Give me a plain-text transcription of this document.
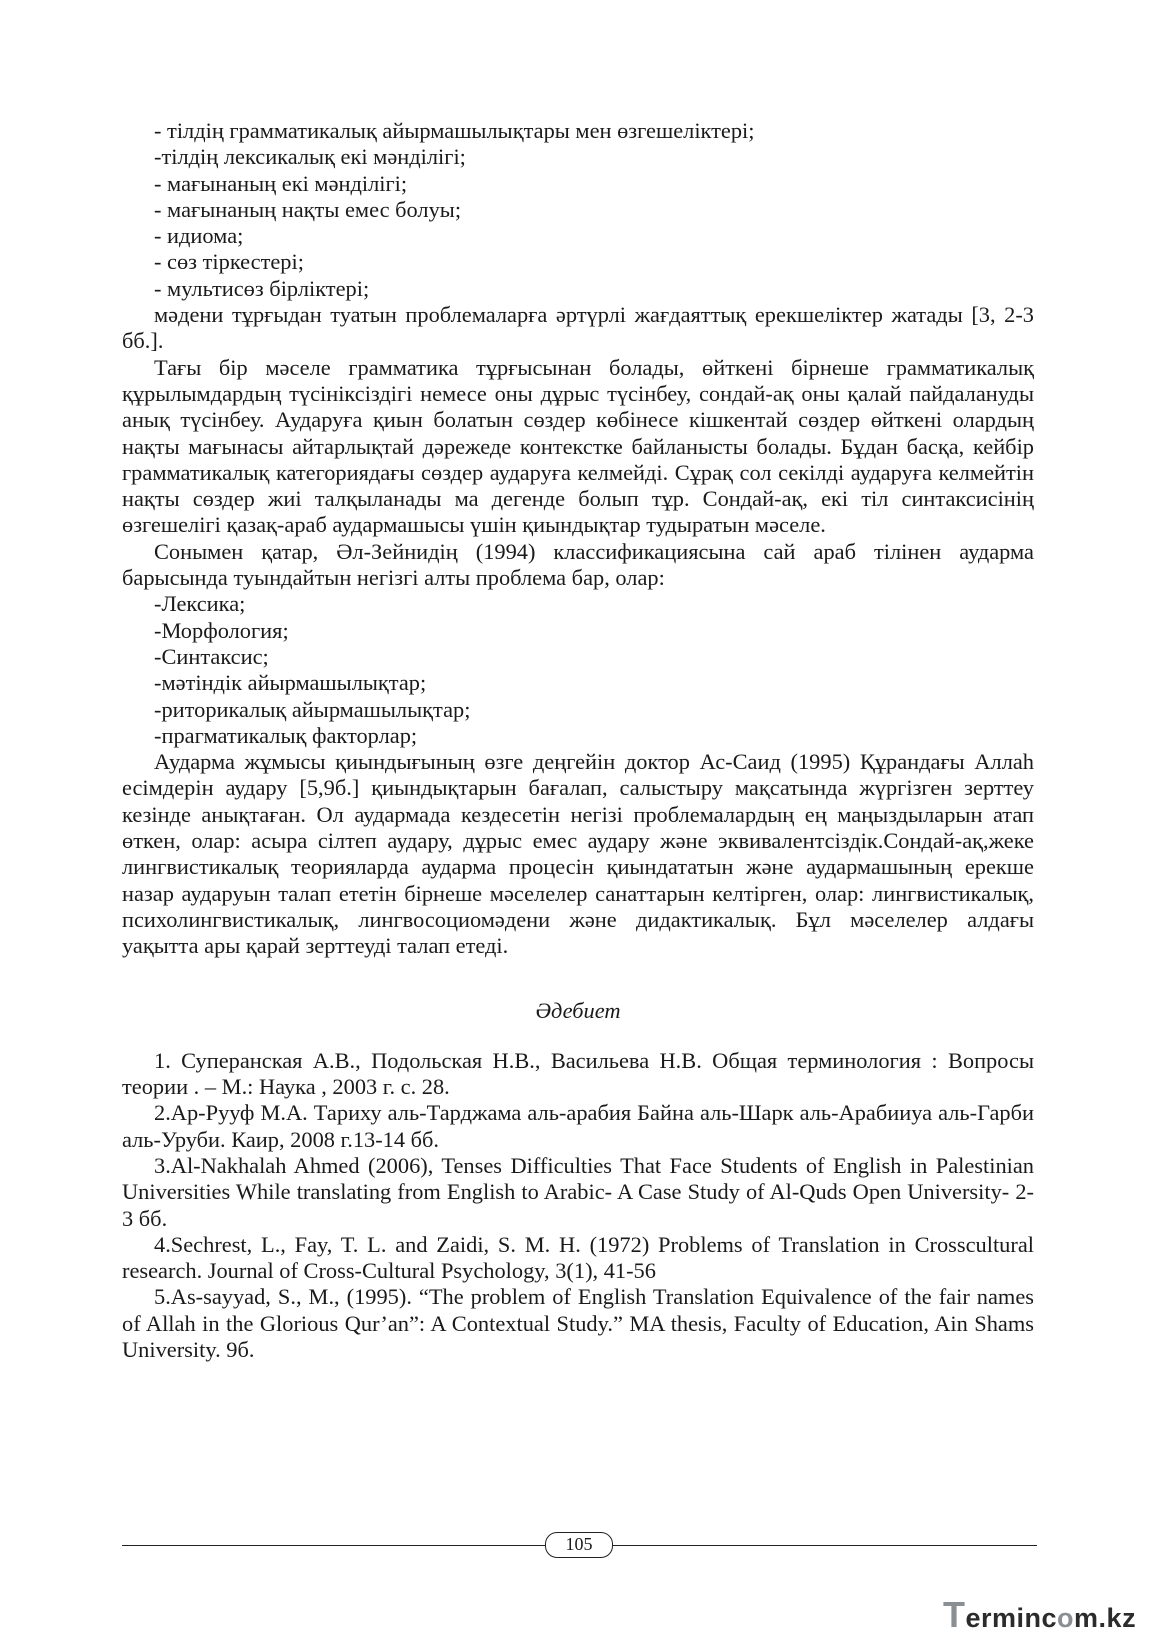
- тілдің грамматикалық айырмашылықтары мен өзгешеліктері;

-тілдің лексикалық екі мәнділігі;

- мағынаның екі мәнділігі;

- мағынаның нақты емес болуы;

- идиома;

- сөз тіркестері;

- мультисөз бірліктері;

мәдени тұрғыдан туатын проблемаларға әртүрлі жағдаяттық ерекшеліктер жатады [3, 2-3 бб.].

Тағы бір мәселе грамматика тұрғысынан болады, өйткені бірнеше грамматикалық құрылымдардың түсініксіздігі немесе оны дұрыс түсінбеу, сондай-ақ оны қалай пайдалануды анық түсінбеу. Аударуға қиын болатын сөздер көбінесе кішкентай сөздер өйткені олардың нақты мағынасы айтарлықтай дәрежеде контекстке байланысты болады. Бұдан басқа, кейбір грамматикалық категориядағы сөздер аударуға келмейді. Сұрақ сол секілді аударуға келмейтін нақты сөздер жиі талқыланады ма дегенде болып тұр. Сондай-ақ, екі тіл синтаксисінің өзгешелігі қазақ-араб аудармашысы үшін қиындықтар тудыратын мәселе.

Сонымен қатар, Әл-Зейнидің (1994) классификациясына сай араб тілінен аударма барысында туындайтын негізгі алты проблема бар, олар:

-Лексика;

-Морфология;

-Синтаксис;

-мәтіндік айырмашылықтар;

-риторикалық айырмашылықтар;

-прагматикалық факторлар;

Аударма жұмысы қиындығының өзге деңгейін доктор Ас-Саид (1995) Құрандағы Аллаh есімдерін аудару [5,9б.] қиындықтарын бағалап, салыстыру мақсатында жүргізген зерттеу кезінде анықтаған. Ол аудармада кездесетін негізі проблемалардың ең маңыздыларын атап өткен, олар: асыра сілтеп аудару, дұрыс емес аудару және эквивалентсіздік.Сондай-ақ,жеке лингвистикалық теорияларда аударма процесін қиындататын және аудармашының ерекше назар аударуын талап ететін бірнеше мәселелер санаттарын келтірген, олар: лингвистикалық, психолингвистикалық, лингвосоциомәдени және дидактикалық. Бұл мәселелер алдағы уақытта ары қарай зерттеуді талап етеді.

Әдебиет

1. Суперанская А.В., Подольская Н.В., Васильева Н.В. Общая терминология : Вопросы теории . – М.: Наука , 2003 г. с. 28.

2.Ар-Рууф М.А. Тариху аль-Тарджама аль-арабия Байна аль-Шарк аль-Арабииуа аль-Гарби аль-Уруби. Каир, 2008 г.13-14 бб.

3.Al-Nakhalah Ahmed (2006), Tenses Difficulties That Face Students of English in Palestinian Universities While translating from English to Arabic- A Case Study of Al-Quds Open University- 2-3 бб.

4.Sechrest, L., Fay, T. L. and Zaidi, S. M. H. (1972) Problems of Translation in Crosscultural research. Journal of Cross-Cultural Psychology, 3(1), 41-56

5.As-sayyad, S., M., (1995). “The problem of English Translation Equivalence of the fair names of Allah in the Glorious Qur’an”: A Contextual Study.” MA thesis, Faculty of Education, Ain Shams University. 9б.

105
Termincom.kz
